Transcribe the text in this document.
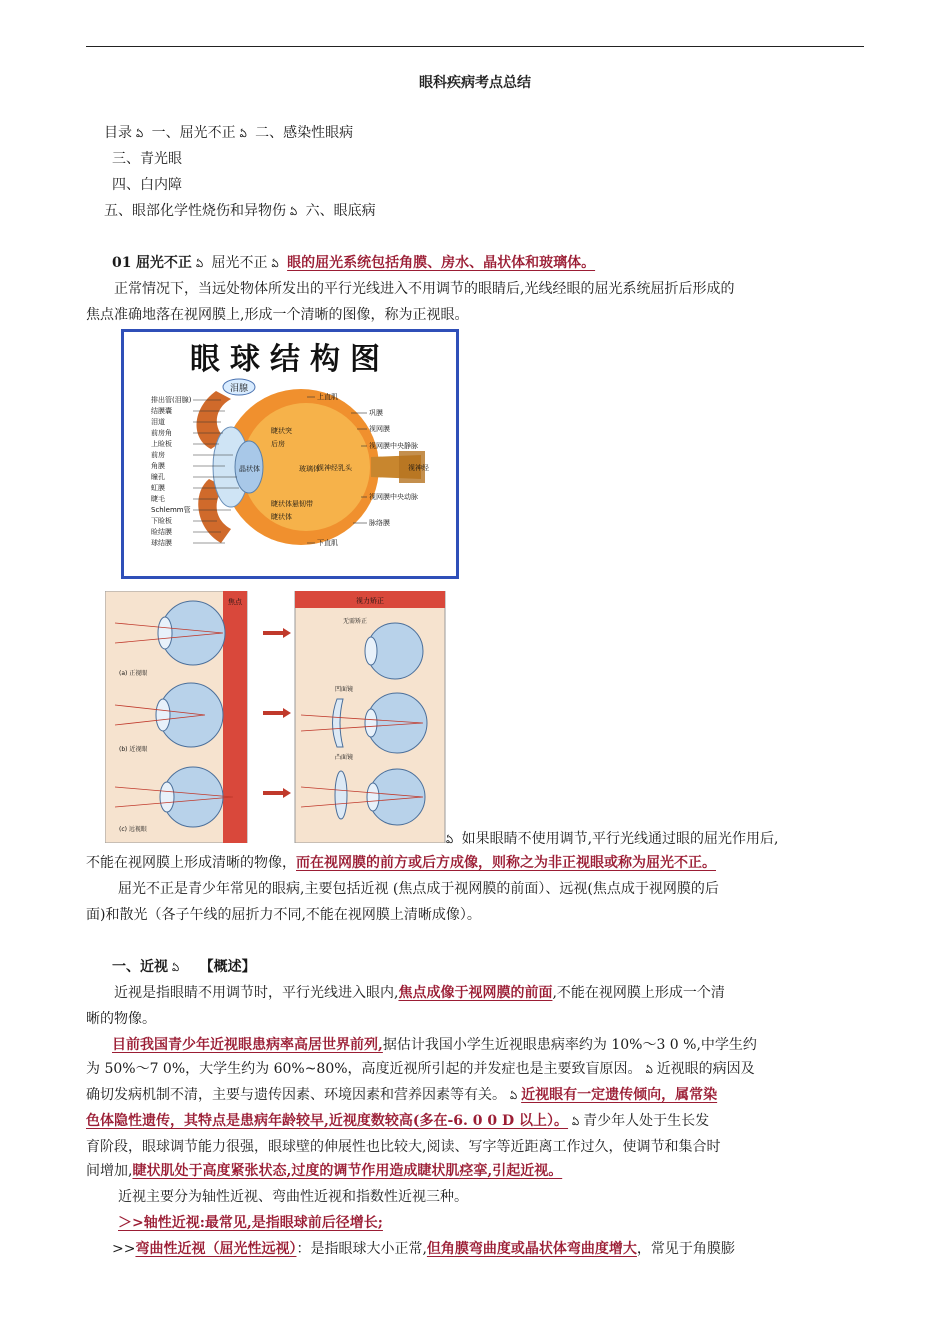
眼科疾病考点总结
目录 ఏ 一、屈光不正 ఏ 二、感染性眼病
三、青光眼
四、白内障
五、眼部化学性烧伤和异物伤 ఏ 六、眼底病
01 屈光不正 ఏ 屈光不正 ఏ 眼的屈光系统包括角膜、房水、晶状体和玻璃体。
正常情况下，当远处物体所发出的平行光线进入不用调节的眼睛后,光线经眼的屈光系统屈折后形成的
焦点准确地落在视网膜上,形成一个清晰的图像，称为正视眼。
眼球结构图
泪腺
排出管(泪腺)
结膜囊
泪道
前房角
上睑板
前房
角膜
瞳孔
虹膜
睫毛
Schlemm管
下睑板
睑结膜
球结膜
睫状突
后房
晶状体	玻璃体
睫状体悬韧带
睫状体
上直肌
巩膜
视网膜
视网膜中央静脉
视神经乳头	视神经
视网膜中央动脉
脉络膜
下直肌
焦点
(a) 正视眼
(b) 近视眼
(c) 远视眼
视力矫正
无需矫正
凹面镜
凸面镜
ఏ 如果眼睛不使用调节,平行光线通过眼的屈光作用后,
不能在视网膜上形成清晰的物像，而在视网膜的前方或后方成像，则称之为非正视眼或称为屈光不正。
屈光不正是青少年常见的眼病,主要包括近视 (焦点成于视网膜的前面）、远视(焦点成于视网膜的后
面)和散光（各子午线的屈折力不同,不能在视网膜上清晰成像）。
一、近视 ఏ 【概述】
近视是指眼睛不用调节时，平行光线进入眼内,焦点成像于视网膜的前面,不能在视网膜上形成一个清
晰的物像。
目前我国青少年近视眼患病率高居世界前列,据估计我国小学生近视眼患病率约为 10%～3 0 %,中学生约
为 50%～7 0%，大学生约为 60%~80%，高度近视所引起的并发症也是主要致盲原因。 ఏ 近视眼的病因及
确切发病机制不清，主要与遗传因素、环境因素和营养因素等有关。 ఏ 近视眼有一定遗传倾向，属常染
色体隐性遗传，其特点是患病年龄较早,近视度数较高(多在-6. 0 0 D 以上）。 ఏ 青少年人处于生长发
育阶段，眼球调节能力很强，眼球壁的伸展性也比较大,阅读、写字等近距离工作过久，使调节和集合时
间增加,睫状肌处于高度紧张状态,过度的调节作用造成睫状肌痉挛,引起近视。
近视主要分为轴性近视、弯曲性近视和指数性近视三种。
＞>轴性近视:最常见,是指眼球前后径增长;
>>弯曲性近视（屈光性远视）：是指眼球大小正常,但角膜弯曲度或晶状体弯曲度增大，常见于角膜膨
